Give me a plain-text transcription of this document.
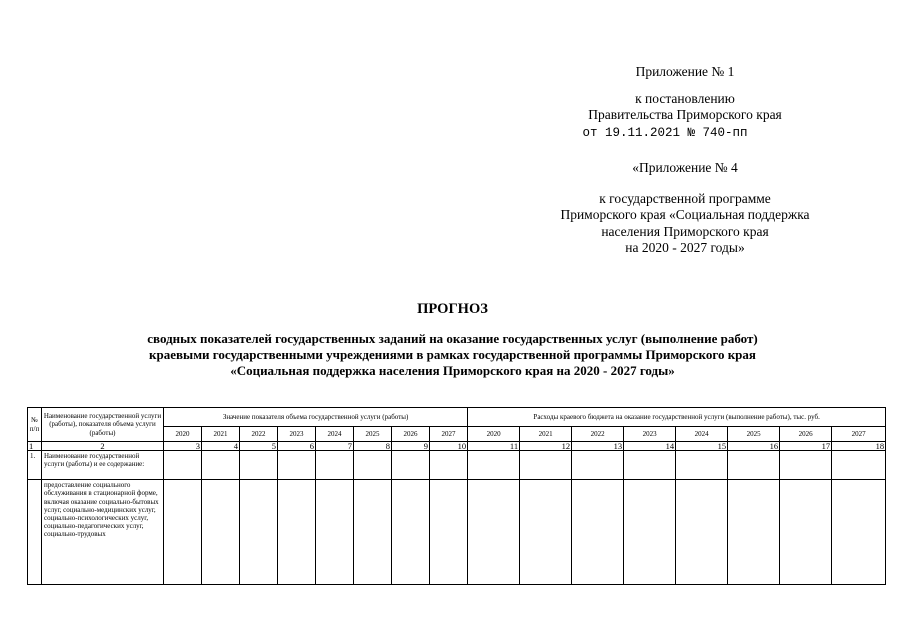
Приложение № 1
к постановлению
Правительства Приморского края
от 19.11.2021 № 740-пп
«Приложение № 4
к государственной программе
Приморского края «Социальная поддержка
населения Приморского края
на 2020 - 2027 годы»
ПРОГНОЗ
сводных показателей государственных заданий на оказание государственных услуг (выполнение работ)
краевыми государственными учреждениями в рамках государственной программы Приморского края
«Социальная поддержка населения Приморского края на 2020 - 2027 годы»
№ п/п	Наименование государственной услуги (работы), показателя объема услуги (работы)	Значение показателя объема государственной услуги (работы)								Расходы краевого бюджета на оказание государственной услуги (выполнение работы), тыс. руб.							
		2020	2021	2022	2023	2024	2025	2026	2027	2020	2021	2022	2023	2024	2025	2026	2027
1	2	3	4	5	6	7	8	9	10	11	12	13	14	15	16	17	18
1.	Наименование государственной услуги (работы) и ее содержание:																
	предоставление социального обслуживания в стационарной форме, включая оказание социально-бытовых услуг, социально-медицинских услуг, социально-психологических услуг, социально-педагогических услуг, социально-трудовых																
